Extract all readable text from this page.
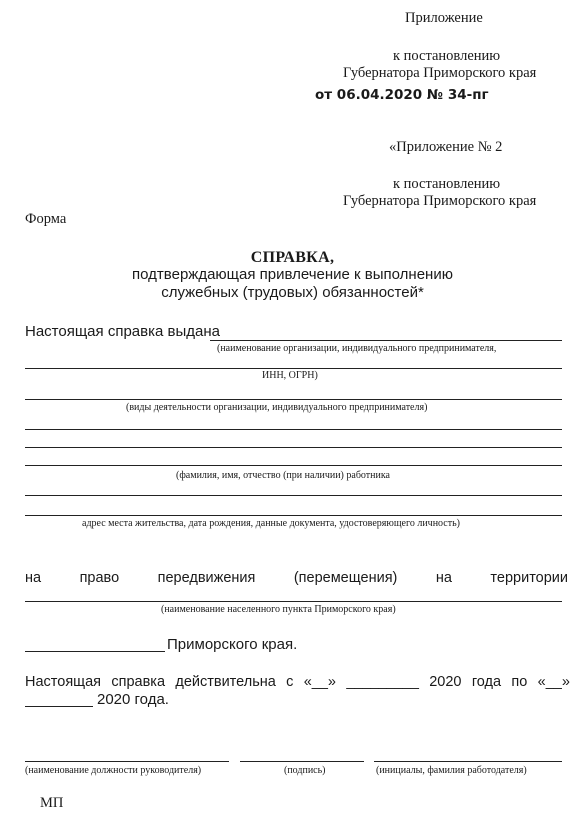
Приложение
к постановлению
Губернатора Приморского края
от 06.04.2020 № 34-пг
«Приложение № 2
к постановлению
Губернатора Приморского края
Форма
СПРАВКА,
подтверждающая привлечение к выполнению
служебных (трудовых) обязанностей*
Настоящая справка выдана
(наименование организации, индивидуального предпринимателя,
ИНН, ОГРН)
(виды деятельности организации, индивидуального предпринимателя)
(фамилия, имя, отчество (при наличии) работника
адрес места жительства, дата рождения, данные документа, удостоверяющего личность)
на	право	передвижения	(перемещения)	на	территории
(наименование населенного пункта Приморского края)
Приморского края.
Настоящая справка действительна с «__» _________ 2020 года по «__»
2020 года.
(наименование должности руководителя)	(подпись)	(инициалы, фамилия работодателя)
МП
